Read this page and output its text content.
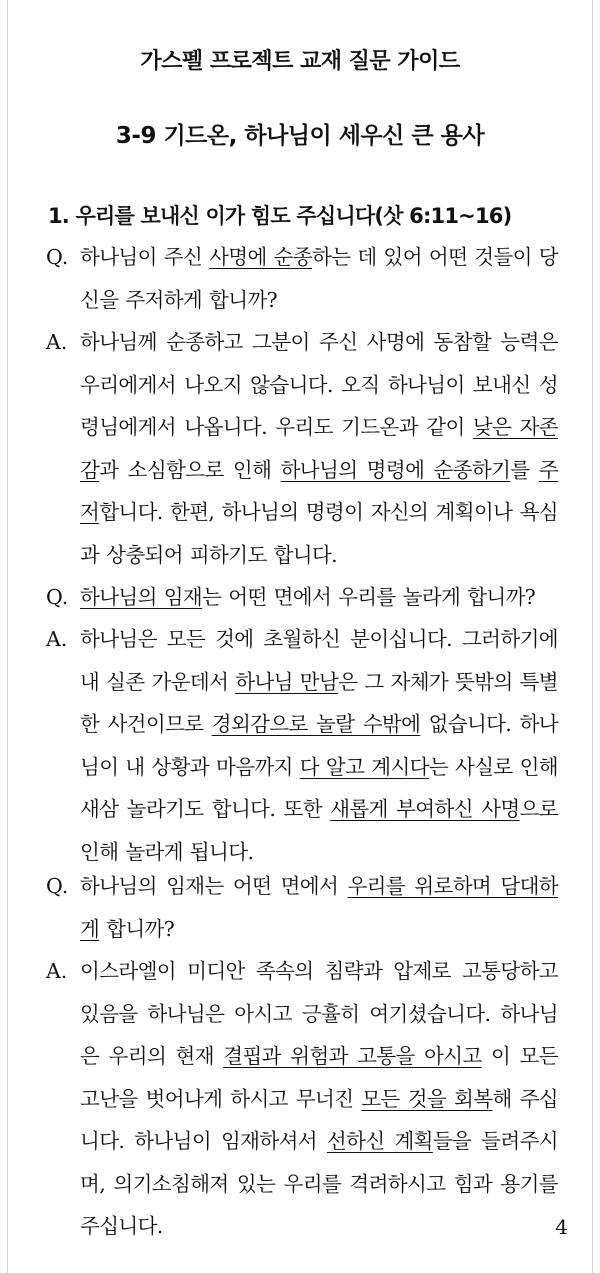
가스펠 프로젝트 교재 질문 가이드
3-9 기드온, 하나님이 세우신 큰 용사
1. 우리를 보내신 이가 힘도 주십니다(삿 6:11~16)
Q. 하나님이 주신 사명에 순종하는 데 있어 어떤 것들이 당신을 주저하게 합니까?
A. 하나님께 순종하고 그분이 주신 사명에 동참할 능력은 우리에게서 나오지 않습니다. 오직 하나님이 보내신 성령님에게서 나옵니다. 우리도 기드온과 같이 낮은 자존감과 소심함으로 인해 하나님의 명령에 순종하기를 주저합니다. 한편, 하나님의 명령이 자신의 계획이나 욕심과 상충되어 피하기도 합니다.
Q. 하나님의 임재는 어떤 면에서 우리를 놀라게 합니까?
A. 하나님은 모든 것에 초월하신 분이십니다. 그러하기에 내 실존 가운데서 하나님 만남은 그 자체가 뜻밖의 특별한 사건이므로 경외감으로 놀랄 수밖에 없습니다. 하나님이 내 상황과 마음까지 다 알고 계시다는 사실로 인해 새삼 놀라기도 합니다. 또한 새롭게 부여하신 사명으로 인해 놀라게 됩니다.
Q. 하나님의 임재는 어떤 면에서 우리를 위로하며 담대하게 합니까?
A. 이스라엘이 미디안 족속의 침략과 압제로 고통당하고 있음을 하나님은 아시고 긍휼히 여기셨습니다. 하나님은 우리의 현재 결핍과 위험과 고통을 아시고 이 모든 고난을 벗어나게 하시고 무너진 모든 것을 회복해 주십니다. 하나님이 임재하셔서 선하신 계획들을 들려주시며, 의기소침해져 있는 우리를 격려하시고 힘과 용기를 주십니다.	4
